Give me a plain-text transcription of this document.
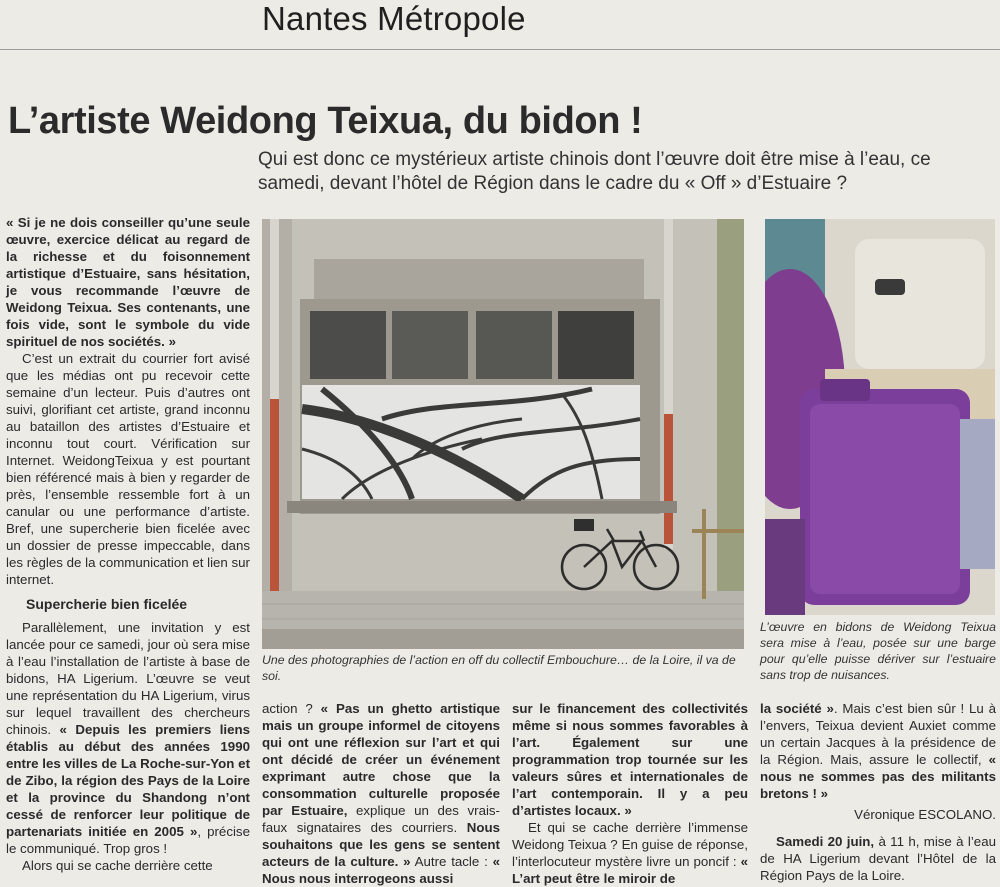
Nantes Métropole
L’artiste Weidong Teixua, du bidon !
Qui est donc ce mystérieux artiste chinois dont l’œuvre doit être mise à l’eau, ce samedi, devant l’hôtel de Région dans le cadre du « Off » d’Estuaire ?

« Si je ne dois conseiller qu’une seule œuvre, exercice délicat au regard de la richesse et du foisonnement artistique d’Estuaire, sans hésitation, je vous recommande l’œuvre de Weidong Teixua. Ses contenants, une fois vide, sont le symbole du vide spirituel de nos sociétés. »

C’est un extrait du courrier fort avisé que les médias ont pu recevoir cette semaine d’un lecteur. Puis d’autres ont suivi, glorifiant cet artiste, grand inconnu au bataillon des artistes d’Estuaire et inconnu tout court. Vérification sur Internet. WeidongTeixua y est pourtant bien référencé mais à bien y regarder de près, l’ensemble ressemble fort à un canular ou une performance d’artiste. Bref, une supercherie bien ficelée avec un dossier de presse impeccable, dans les règles de la communication et lien sur internet.

Supercherie bien ficelée

Parallèlement, une invitation y est lancée pour ce samedi, jour où sera mise à l’eau l’installation de l’artiste à base de bidons, HA Ligerium. L’œuvre se veut une représentation du HA Ligerium, virus sur lequel travaillent des chercheurs chinois. « Depuis les premiers liens établis au début des années 1990 entre les villes de La Roche-sur-Yon et de Zibo, la région des Pays de la Loire et la province du Shandong n’ont cessé de renforcer leur politique de partenariats initiée en 2005 », précise le communiqué. Trop gros !

Alors qui se cache derrière cette

Une des photographies de l’action en off du collectif Embouchure… de la Loire, il va de soi.
L’œuvre en bidons de Weidong Teixua sera mise à l’eau, posée sur une barge pour qu’elle puisse dériver sur l’estuaire sans trop de nuisances.

action ? « Pas un ghetto artistique mais un groupe informel de citoyens qui ont une réflexion sur l’art et qui ont décidé de créer un événement exprimant autre chose que la consommation culturelle proposée par Estuaire, explique un des vrais-faux signataires des courriers. Nous souhaitons que les gens se sentent acteurs de la culture. » Autre tacle : « Nous nous interrogeons aussi

sur le financement des collectivités même si nous sommes favorables à l’art. Également sur une programmation trop tournée sur les valeurs sûres et internationales de l’art contemporain. Il y a peu d’artistes locaux. »

Et qui se cache derrière l’immense Weidong Teixua ? En guise de réponse, l’interlocuteur mystère livre un poncif : « L’art peut être le miroir de

la société ». Mais c’est bien sûr ! Lu à l’envers, Teixua devient Auxiet comme un certain Jacques à la présidence de la Région. Mais, assure le collectif, « nous ne sommes pas des militants bretons ! »

Véronique ESCOLANO.

Samedi 20 juin, à 11 h, mise à l’eau de HA Ligerium devant l’Hôtel de la Région Pays de la Loire.
